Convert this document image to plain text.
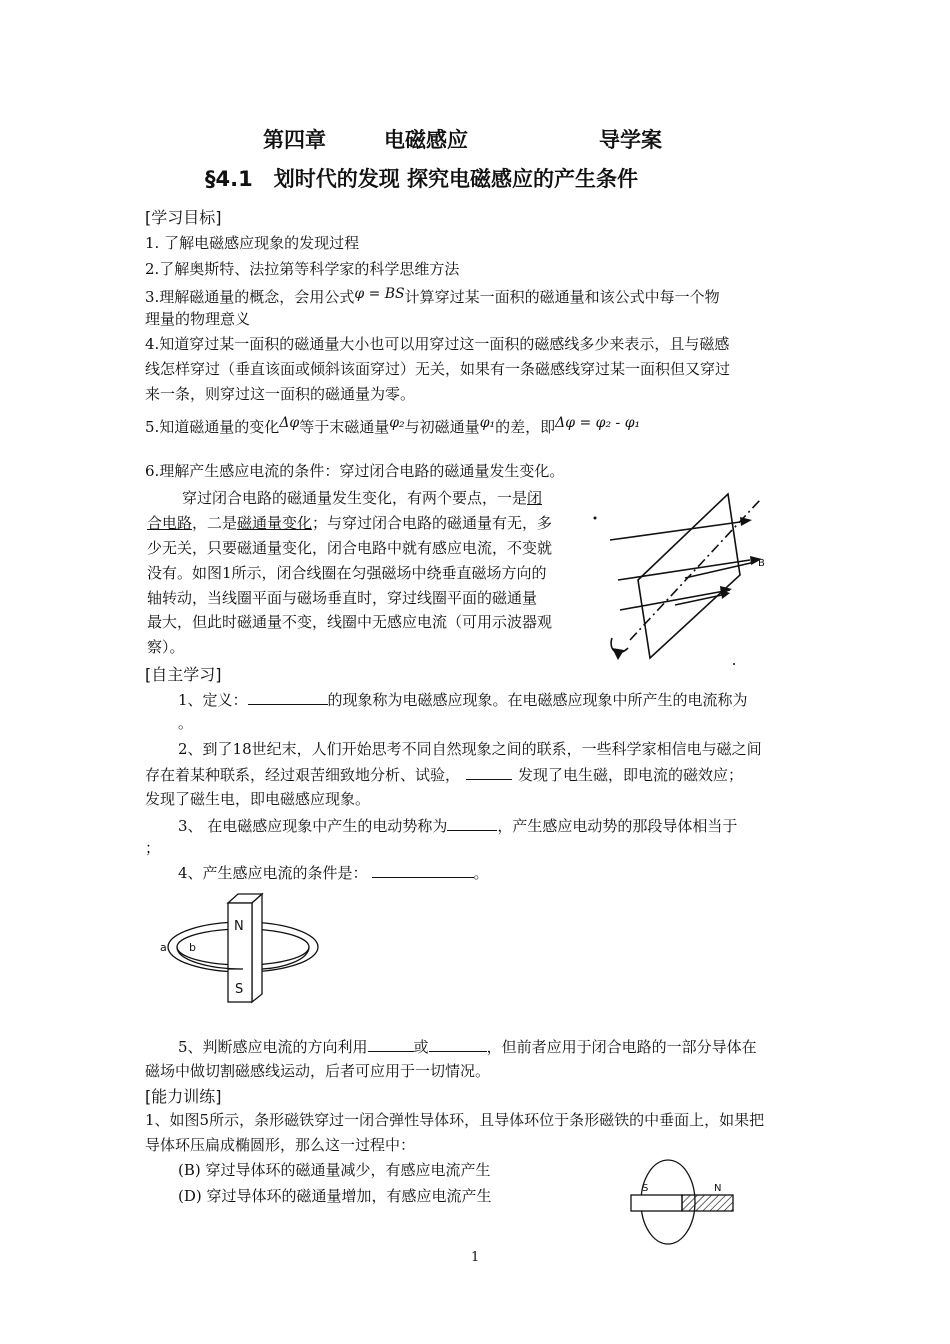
第四章	电磁感应	导学案
§4.1　划时代的发现 探究电磁感应的产生条件
[学习目标]
1. 了解电磁感应现象的发现过程
2.了解奥斯特、法拉第等科学家的科学思维方法
3.理解磁通量的概念，会用公式φ = BS计算穿过某一面积的磁通量和该公式中每一个物
理量的物理意义
4.知道穿过某一面积的磁通量大小也可以用穿过这一面积的磁感线多少来表示，且与磁感
线怎样穿过（垂直该面或倾斜该面穿过）无关，如果有一条磁感线穿过某一面积但又穿过
来一条，则穿过这一面积的磁通量为零。
5.知道磁通量的变化Δφ等于末磁通量φ₂与初磁通量φ₁的差，即Δφ = φ₂ - φ₁
6.理解产生感应电流的条件：穿过闭合电路的磁通量发生变化。
穿过闭合电路的磁通量发生变化，有两个要点，一是闭
合电路，二是磁通量变化；与穿过闭合电路的磁通量有无，多
少无关，只要磁通量变化，闭合电路中就有感应电流，不变就
没有。如图1所示，闭合线圈在匀强磁场中绕垂直磁场方向的
轴转动，当线圈平面与磁场垂直时，穿过线圈平面的磁通量
最大，但此时磁通量不变，线圈中无感应电流（可用示波器观
察）。
B
[自主学习]
1、定义：	的现象称为电磁感应现象。在电磁感应现象中所产生的电流称为
。
2、到了18世纪末，人们开始思考不同自然现象之间的联系，一些科学家相信电与磁之间
存在着某种联系，经过艰苦细致地分析、试验，	发现了电生磁，即电流的磁效应；
发现了磁生电，即电磁感应现象。
3、 在电磁感应现象中产生的电动势称为	，产生感应电动势的那段导体相当于
；
4、产生感应电流的条件是：	。
a b
N
S
5、判断感应电流的方向利用	或	，但前者应用于闭合电路的一部分导体在
磁场中做切割磁感线运动，后者可应用于一切情况。
[能力训练]
1、如图5所示，条形磁铁穿过一闭合弹性导体环，且导体环位于条形磁铁的中垂面上，如果把
导体环压扁成椭圆形，那么这一过程中：
(B) 穿过导体环的磁通量减少，有感应电流产生
(D) 穿过导体环的磁通量增加，有感应电流产生	S	N
1
